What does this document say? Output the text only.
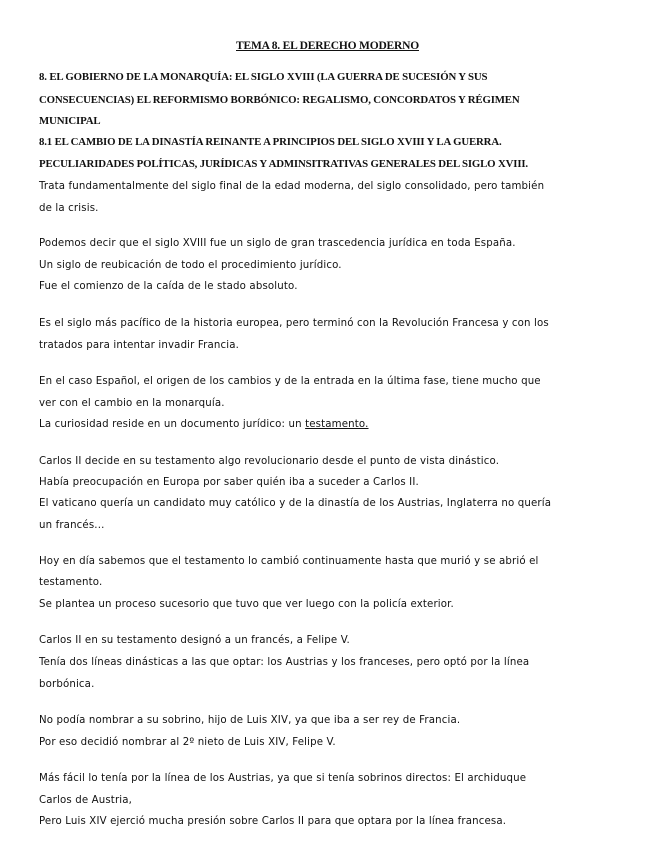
TEMA 8. EL DERECHO MODERNO
8. EL GOBIERNO DE LA MONARQUÍA: EL SIGLO XVIII (LA GUERRA DE SUCESIÓN Y SUS
CONSECUENCIAS) EL REFORMISMO BORBÓNICO: REGALISMO, CONCORDATOS Y RÉGIMEN
MUNICIPAL
8.1 EL CAMBIO DE LA DINASTÍA REINANTE A PRINCIPIOS DEL SIGLO XVIII Y LA GUERRA.
PECULIARIDADES POLÍTICAS, JURÍDICAS Y ADMINSITRATIVAS GENERALES DEL SIGLO XVIII.
Trata fundamentalmente del siglo final de la edad moderna, del siglo consolidado, pero también
de la crisis.
Podemos decir que el siglo XVIII fue un siglo de gran trascedencia jurídica en toda España.
Un siglo de reubicación de todo el procedimiento jurídico.
Fue el comienzo de la caída de le stado absoluto.
Es el siglo más pacífico de la historia europea, pero terminó con la Revolución Francesa y con los
tratados para intentar invadir Francia.
En el caso Español, el origen de los cambios y de la entrada en la última fase, tiene mucho que
ver con el cambio en la monarquía.
La curiosidad reside en un documento jurídico: un testamento.
Carlos II decide en su testamento algo revolucionario desde el punto de vista dinástico.
Había preocupación en Europa por saber quién iba a suceder a Carlos II.
El vaticano quería un candidato muy católico y de la dinastía de los Austrias, Inglaterra no quería
un francés...
Hoy en día sabemos que el testamento lo cambió continuamente hasta que murió y se abrió el
testamento.
Se plantea un proceso sucesorio que tuvo que ver luego con la policía exterior.
Carlos II en su testamento designó a un francés, a Felipe V.
Tenía dos líneas dinásticas a las que optar: los Austrias y los franceses, pero optó por la línea
borbónica.
No podía nombrar a su sobrino, hijo de Luis XIV, ya que iba a ser rey de Francia.
Por eso decidió nombrar al 2º nieto de Luis XIV, Felipe V.
Más fácil lo tenía por la línea de los Austrias, ya que si tenía sobrinos directos: El archiduque
Carlos de Austria,
Pero Luis XIV ejerció mucha presión sobre Carlos II para que optara por la línea francesa.
